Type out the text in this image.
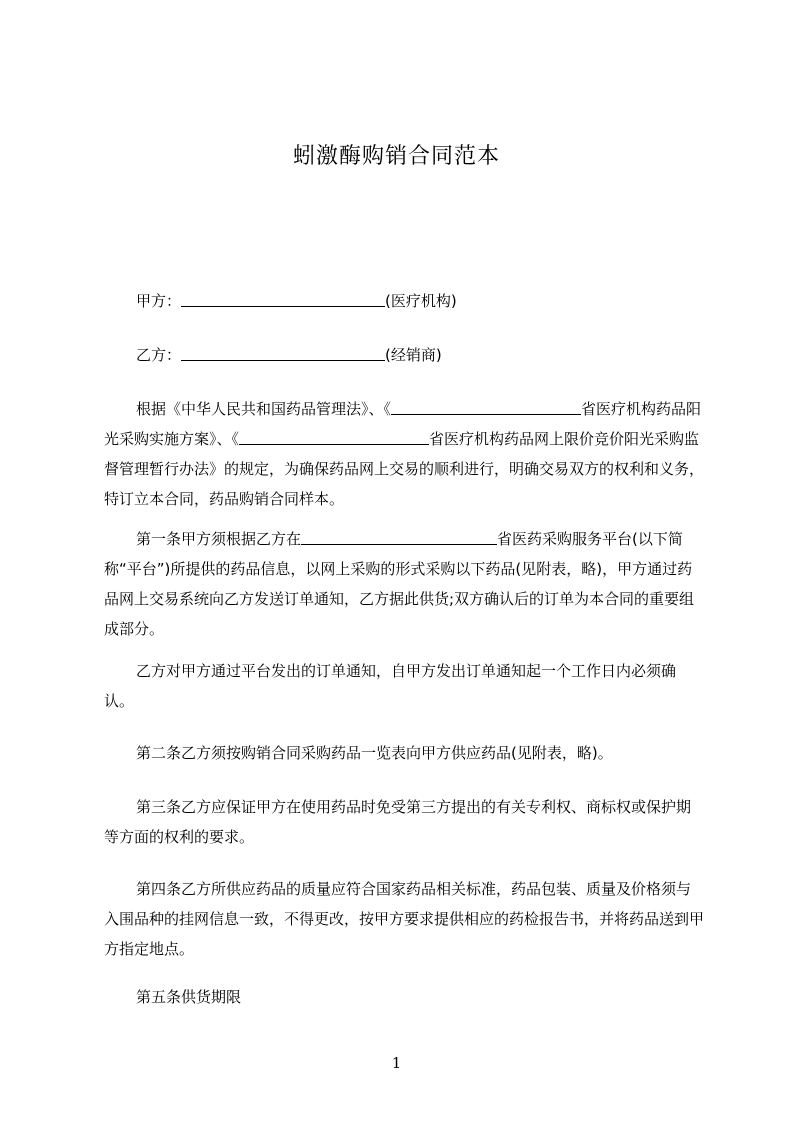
蚓激酶购销合同范本
甲方：	(医疗机构)
乙方：	(经销商)
根据《中华人民共和国药品管理法》、《	省医疗机构药品阳光采购实施方案》、《	省医疗机构药品网上限价竞价阳光采购监督管理暂行办法》的规定，为确保药品网上交易的顺利进行，明确交易双方的权利和义务，特订立本合同，药品购销合同样本。
第一条甲方须根据乙方在	省医药采购服务平台(以下简称“平台”)所提供的药品信息，以网上采购的形式采购以下药品(见附表，略)，甲方通过药品网上交易系统向乙方发送订单通知，乙方据此供货;双方确认后的订单为本合同的重要组成部分。
乙方对甲方通过平台发出的订单通知，自甲方发出订单通知起一个工作日内必须确认。
第二条乙方须按购销合同采购药品一览表向甲方供应药品(见附表，略)。
第三条乙方应保证甲方在使用药品时免受第三方提出的有关专利权、商标权或保护期等方面的权利的要求。
第四条乙方所供应药品的质量应符合国家药品相关标准，药品包装、质量及价格须与入围品种的挂网信息一致，不得更改，按甲方要求提供相应的药检报告书，并将药品送到甲方指定地点。
第五条供货期限
1
